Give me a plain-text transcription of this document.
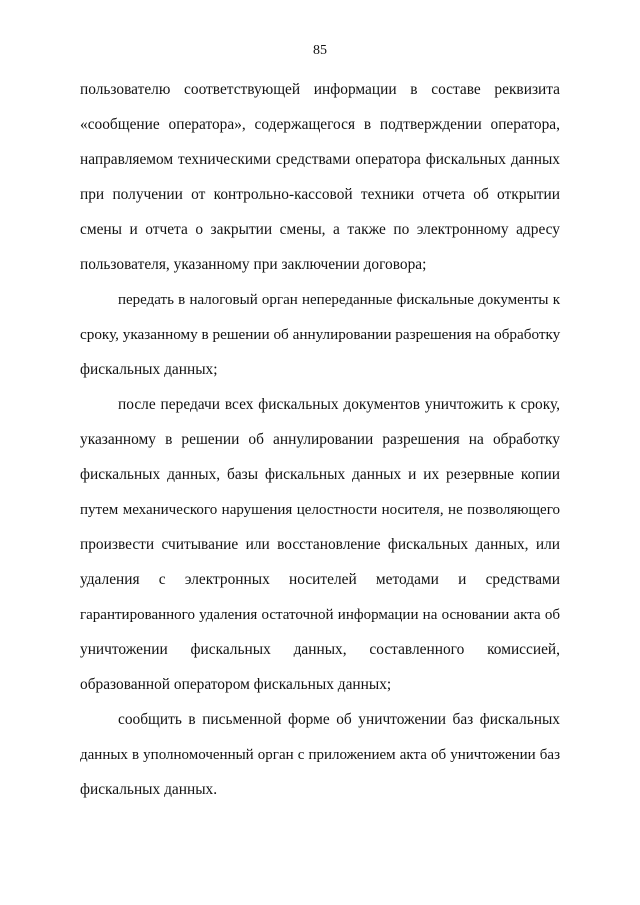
85
пользователю соответствующей информации в составе реквизита
«сообщение оператора», содержащегося в подтверждении оператора,
направляемом техническими средствами оператора фискальных данных
при получении от контрольно-кассовой техники отчета об открытии
смены и отчета о закрытии смены, а также по электронному адресу
пользователя, указанному при заключении договора;
передать в налоговый орган непереданные фискальные документы к
сроку, указанному в решении об аннулировании разрешения на обработку
фискальных данных;
после передачи всех фискальных документов уничтожить к сроку,
указанному в решении об аннулировании разрешения на обработку
фискальных данных, базы фискальных данных и их резервные копии
путем механического нарушения целостности носителя, не позволяющего
произвести считывание или восстановление фискальных данных, или
удаления с электронных носителей методами и средствами
гарантированного удаления остаточной информации на основании акта об
уничтожении фискальных данных, составленного комиссией,
образованной оператором фискальных данных;
сообщить в письменной форме об уничтожении баз фискальных
данных в уполномоченный орган с приложением акта об уничтожении баз
фискальных данных.
